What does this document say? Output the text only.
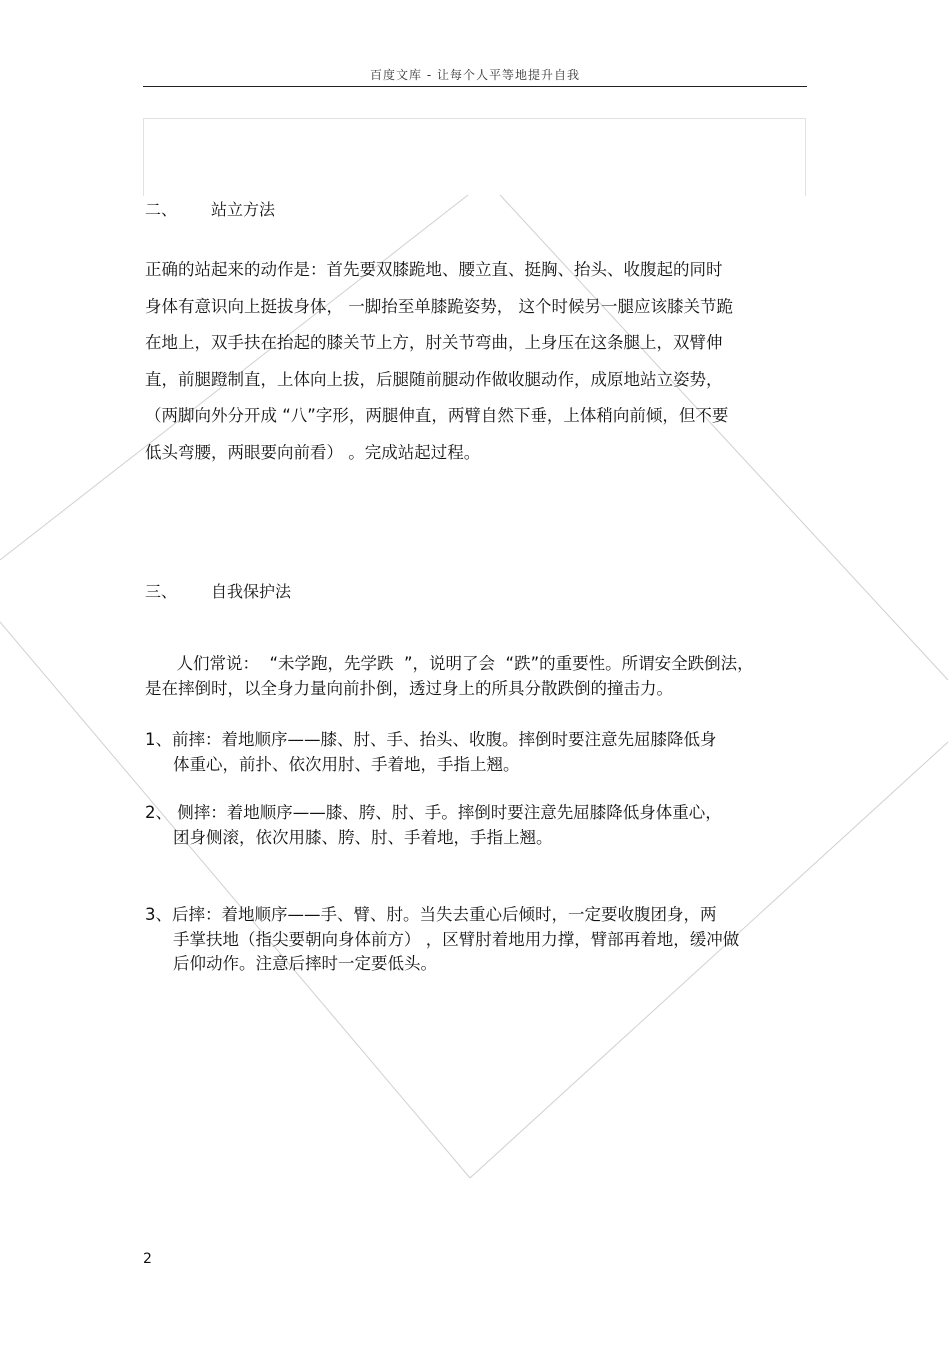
百度文库 - 让每个人平等地提升自我
二、 站立方法

正确的站起来的动作是：首先要双膝跪地、腰立直、挺胸、抬头、收腹起的同时
身体有意识向上挺拔身体， 一脚抬至单膝跪姿势， 这个时候另一腿应该膝关节跪
在地上，双手扶在抬起的膝关节上方，肘关节弯曲，上身压在这条腿上，双臂伸
直，前腿蹬制直，上体向上拔，后腿随前腿动作做收腿动作，成原地站立姿势，
（两脚向外分开成 “八”字形，两腿伸直，两臂自然下垂，上体稍向前倾，但不要
低头弯腰，两眼要向前看） 。完成站起过程。

三、 自我保护法

人们常说：  “未学跑，先学跌  ”，说明了会  “跌”的重要性。所谓安全跌倒法，
是在摔倒时，以全身力量向前扑倒，透过身上的所具分散跌倒的撞击力。

1、前摔：着地顺序——膝、肘、手、抬头、收腹。摔倒时要注意先屈膝降低身
体重心，前扑、依次用肘、手着地，手指上翘。

2、 侧摔：着地顺序——膝、胯、肘、手。摔倒时要注意先屈膝降低身体重心，
团身侧滚，依次用膝、胯、肘、手着地，手指上翘。

3、后摔：着地顺序——手、臂、肘。当失去重心后倾时，一定要收腹团身，两
手掌扶地（指尖要朝向身体前方） ，区臂肘着地用力撑，臂部再着地，缓冲做
后仰动作。注意后摔时一定要低头。

2
